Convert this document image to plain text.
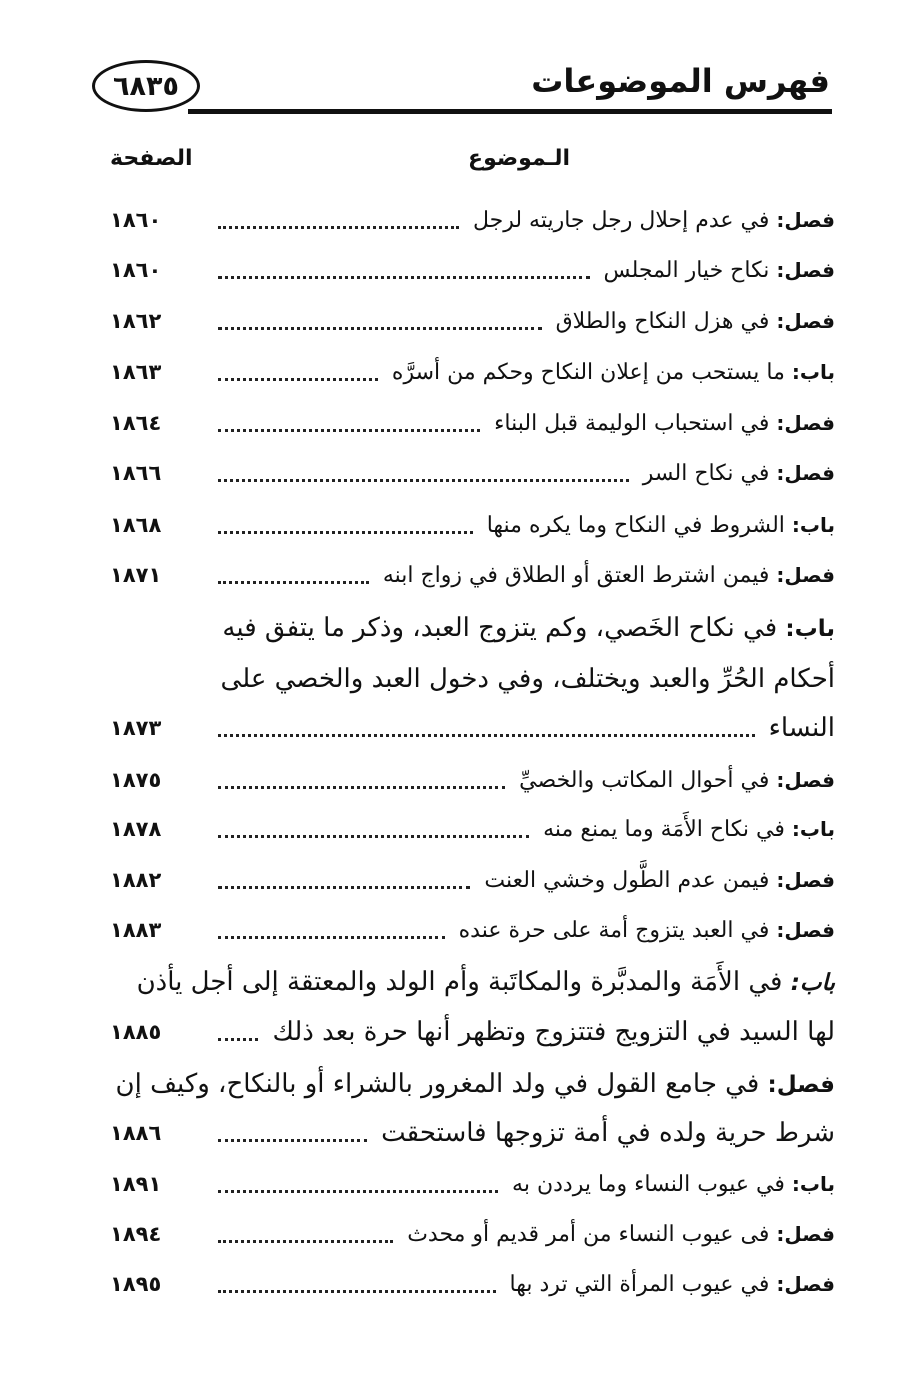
٦٨٣٥	فهرس الموضوعات
الـموضوع
الصفحة
فصل: في عدم إحلال رجل جاريته لرجل
١٨٦٠
فصل: نكاح خيار المجلس
١٨٦٠
فصل: في هزل النكاح والطلاق
١٨٦٢
باب: ما يستحب من إعلان النكاح وحكم من أسرَّه
١٨٦٣
فصل: في استحباب الوليمة قبل البناء
١٨٦٤
فصل: في نكاح السر
١٨٦٦
باب: الشروط في النكاح وما يكره منها
١٨٦٨
فصل: فيمن اشترط العتق أو الطلاق في زواج ابنه
١٨٧١
باب: في نكاح الخَصي، وكم يتزوج العبد، وذكر ما يتفق فيه
أحكام الحُرِّ والعبد ويختلف، وفي دخول العبد والخصي على
النساء
١٨٧٣
فصل: في أحوال المكاتب والخصيِّ
١٨٧٥
باب: في نكاح الأَمَة وما يمنع منه
١٨٧٨
فصل: فيمن عدم الطَّول وخشي العنت
١٨٨٢
فصل: في العبد يتزوج أمة على حرة عنده
١٨٨٣
باب: في الأَمَة والمدبَّرة والمكاتَبة وأم الولد والمعتقة إلى أجل يأذن
لها السيد في التزويج فتتزوج وتظهر أنها حرة بعد ذلك
١٨٨٥
فصل: في جامع القول في ولد المغرور بالشراء أو بالنكاح، وكيف إن
شرط حرية ولده في أمة تزوجها فاستحقت
١٨٨٦
باب: في عيوب النساء وما يرددن به
١٨٩١
فصل: فى عيوب النساء من أمر قديم أو محدث
١٨٩٤
فصل: في عيوب المرأة التي ترد بها
١٨٩٥
